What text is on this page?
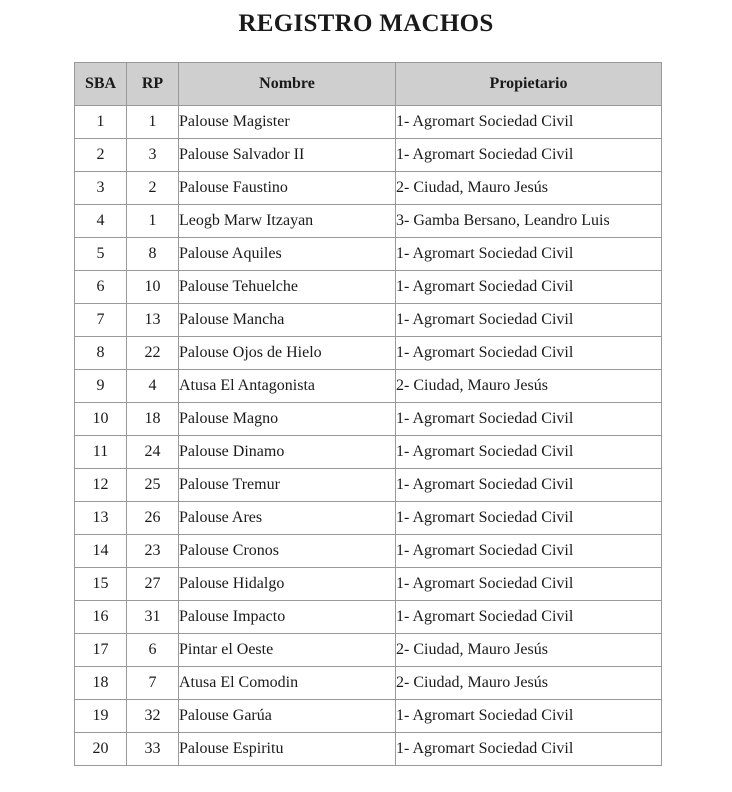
REGISTRO MACHOS
SBA	RP	Nombre	Propietario
1	1	Palouse Magister	1- Agromart Sociedad Civil
2	3	Palouse Salvador II	1- Agromart Sociedad Civil
3	2	Palouse Faustino	2- Ciudad, Mauro Jesús
4	1	Leogb Marw Itzayan	3- Gamba Bersano, Leandro Luis
5	8	Palouse Aquiles	1- Agromart Sociedad Civil
6	10	Palouse Tehuelche	1- Agromart Sociedad Civil
7	13	Palouse Mancha	1- Agromart Sociedad Civil
8	22	Palouse Ojos de Hielo	1- Agromart Sociedad Civil
9	4	Atusa El Antagonista	2- Ciudad, Mauro Jesús
10	18	Palouse Magno	1- Agromart Sociedad Civil
11	24	Palouse Dinamo	1- Agromart Sociedad Civil
12	25	Palouse Tremur	1- Agromart Sociedad Civil
13	26	Palouse Ares	1- Agromart Sociedad Civil
14	23	Palouse Cronos	1- Agromart Sociedad Civil
15	27	Palouse Hidalgo	1- Agromart Sociedad Civil
16	31	Palouse Impacto	1- Agromart Sociedad Civil
17	6	Pintar el Oeste	2- Ciudad, Mauro Jesús
18	7	Atusa El Comodin	2- Ciudad, Mauro Jesús
19	32	Palouse Garúa	1- Agromart Sociedad Civil
20	33	Palouse Espiritu	1- Agromart Sociedad Civil
